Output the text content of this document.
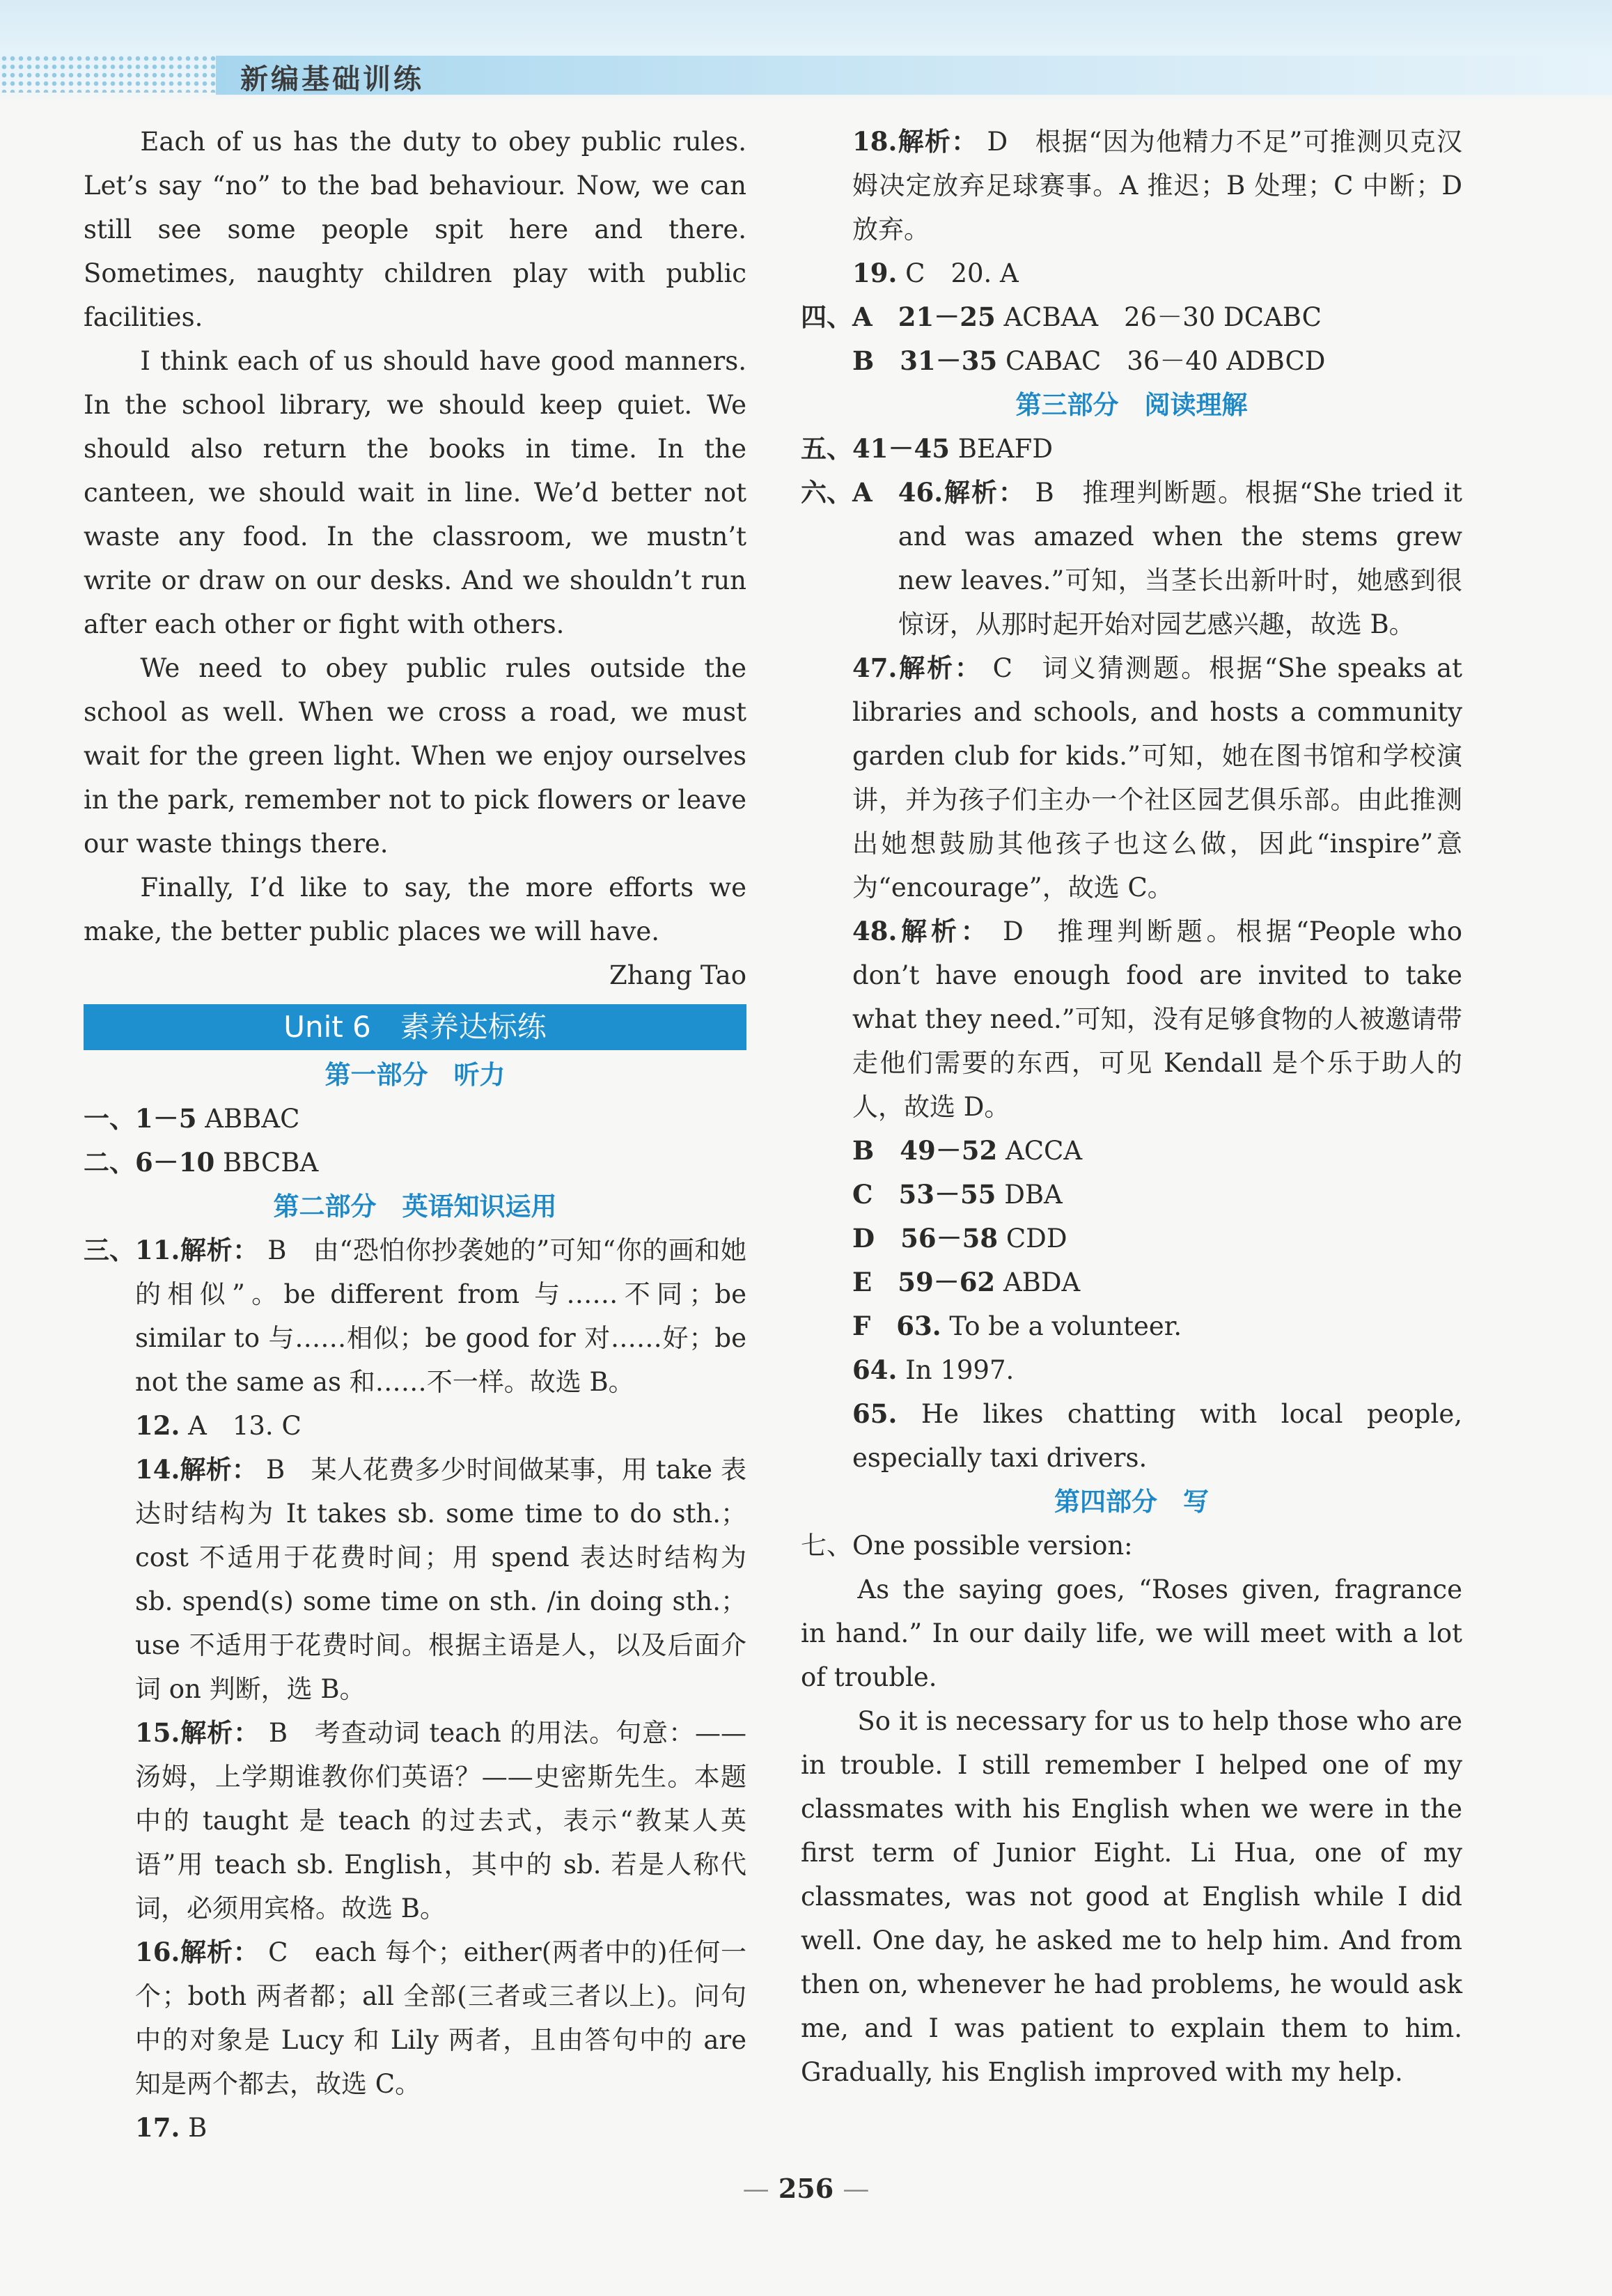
新编基础训练

Each of us has the duty to obey public rules. Let’s say “no” to the bad behaviour. Now, we can still see some people spit here and there. Sometimes, naughty children play with public facilities.

I think each of us should have good manners. In the school library, we should keep quiet. We should also return the books in time. In the canteen, we should wait in line. We’d better not waste any food. In the classroom, we mustn’t write or draw on our desks. And we shouldn’t run after each other or fight with others.

We need to obey public rules outside the school as well. When we cross a road, we must wait for the green light. When we enjoy ourselves in the park, remember not to pick flowers or leave our waste things there.

Finally, I’d like to say, the more efforts we make, the better public places we will have.

Zhang Tao

Unit 6　素养达标练

第一部分　听力

一、 1－5 ABBAC
二、 6－10 BBCBA

第二部分　英语知识运用

三、 11.解析： B　由“恐怕你抄袭她的”可知“你的画和她的相似”。be different from 与……不同；be similar to 与……相似；be good for 对……好；be not the same as 和……不一样。故选 B。

12. A　13. C

14.解析： B　某人花费多少时间做某事，用 take 表达时结构为 It takes sb. some time to do sth.；cost 不适用于花费时间；用 spend 表达时结构为 sb. spend(s) some time on sth. /in doing sth.；use 不适用于花费时间。根据主语是人，以及后面介词 on 判断，选 B。

15.解析： B　考查动词 teach 的用法。句意：——汤姆，上学期谁教你们英语？——史密斯先生。本题中的 taught 是 teach 的过去式，表示“教某人英语”用 teach sb. English，其中的 sb. 若是人称代词，必须用宾格。故选 B。

16.解析： C　each 每个；either(两者中的)任何一个；both 两者都；all 全部(三者或三者以上)。问句中的对象是 Lucy 和 Lily 两者，且由答句中的 are 知是两个都去，故选 C。

17. B

18.解析： D　根据“因为他精力不足”可推测贝克汉姆决定放弃足球赛事。A 推迟；B 处理；C 中断；D 放弃。

19. C　20. A
四、A　 21－25 ACBAA　26－30 DCABC
　　B　 31－35 CABAC　36－40 ADBCD

第三部分　阅读理解

五、 41－45 BEAFD
六、A　 46.解析： B　推理判断题。根据“She tried it and was amazed when the stems grew new leaves.”可知，当茎长出新叶时，她感到很惊讶，从那时起开始对园艺感兴趣，故选 B。

47.解析： C　词义猜测题。根据“She speaks at libraries and schools, and hosts a community garden club for kids.”可知，她在图书馆和学校演讲，并为孩子们主办一个社区园艺俱乐部。由此推测出她想鼓励其他孩子也这么做，因此“inspire”意为“encourage”，故选 C。

48.解析： D　推理判断题。根据“People who don’t have enough food are invited to take what they need.”可知，没有足够食物的人被邀请带走他们需要的东西，可见 Kendall 是个乐于助人的人，故选 D。
　　B　 49－52 ACCA
　　C　 53－55 DBA
　　D　 56－58 CDD
　　E　 59－62 ABDA
　　F　 63. To be a volunteer.

64. In 1997.

65. He likes chatting with local people, especially taxi drivers.

第四部分　写

七、One possible version:

As the saying goes, “Roses given, fragrance in hand.” In our daily life, we will meet with a lot of trouble.

So it is necessary for us to help those who are in trouble. I still remember I helped one of my classmates with his English when we were in the first term of Junior Eight. Li Hua, one of my classmates, was not good at English while I did well. One day, he asked me to help him. And from then on, whenever he had problems, he would ask me, and I was patient to explain them to him. Gradually, his English improved with my help.

— 256 —
